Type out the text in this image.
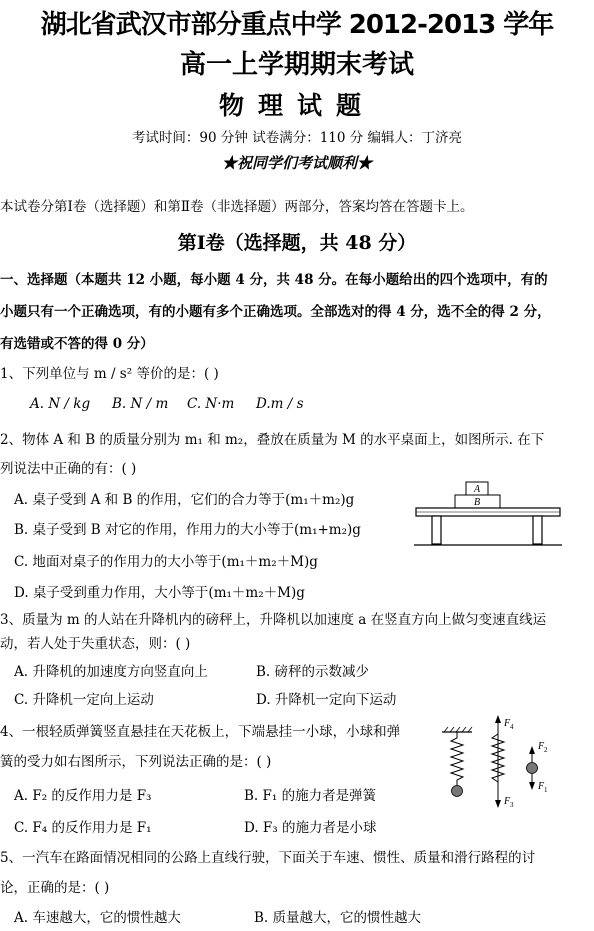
湖北省武汉市部分重点中学 2012-2013 学年
高一上学期期末考试
物理试题
考试时间：90 分钟 试卷满分：110 分 编辑人：丁济亮
★祝同学们考试顺利★
本试卷分第Ⅰ卷（选择题）和第Ⅱ卷（非选择题）两部分，答案均答在答题卡上。
第Ⅰ卷（选择题，共 48 分）
一、选择题（本题共 12 小题，每小题 4 分，共 48 分。在每小题给出的四个选项中，有的
小题只有一个正确选项，有的小题有多个正确选项。全部选对的得 4 分，选不全的得 2 分，
有选错或不答的得 0 分）
1、下列单位与 m / s² 等价的是：( )
A. N / kg B. N / m C. N·m D.m / s
2、物体 A 和 B 的质量分别为 m₁ 和 m₂，叠放在质量为 M 的水平桌面上，如图所示. 在下
列说法中正确的有：( )
A. 桌子受到 A 和 B 的作用，它们的合力等于(m₁＋m₂)g
B. 桌子受到 B 对它的作用，作用力的大小等于(m₁+m₂)g
C. 地面对桌子的作用力的大小等于(m₁＋m₂＋M)g
D. 桌子受到重力作用，大小等于(m₁＋m₂＋M)g
A
B
3、质量为 m 的人站在升降机内的磅秤上，升降机以加速度 a 在竖直方向上做匀变速直线运
动，若人处于失重状态，则：( )
A. 升降机的加速度方向竖直向上	B. 磅秤的示数减少
C. 升降机一定向上运动	D. 升降机一定向下运动
4、一根轻质弹簧竖直悬挂在天花板上，下端悬挂一小球，小球和弹
簧的受力如右图所示，下列说法正确的是：( )
A. F₂ 的反作用力是 F₃	B. F₁ 的施力者是弹簧
C. F₄ 的反作用力是 F₁	D. F₃ 的施力者是小球
F 4
F 3
F 2
F 1
5、一汽车在路面情况相同的公路上直线行驶，下面关于车速、惯性、质量和滑行路程的讨
论，正确的是：( )
A. 车速越大，它的惯性越大	B. 质量越大，它的惯性越大
